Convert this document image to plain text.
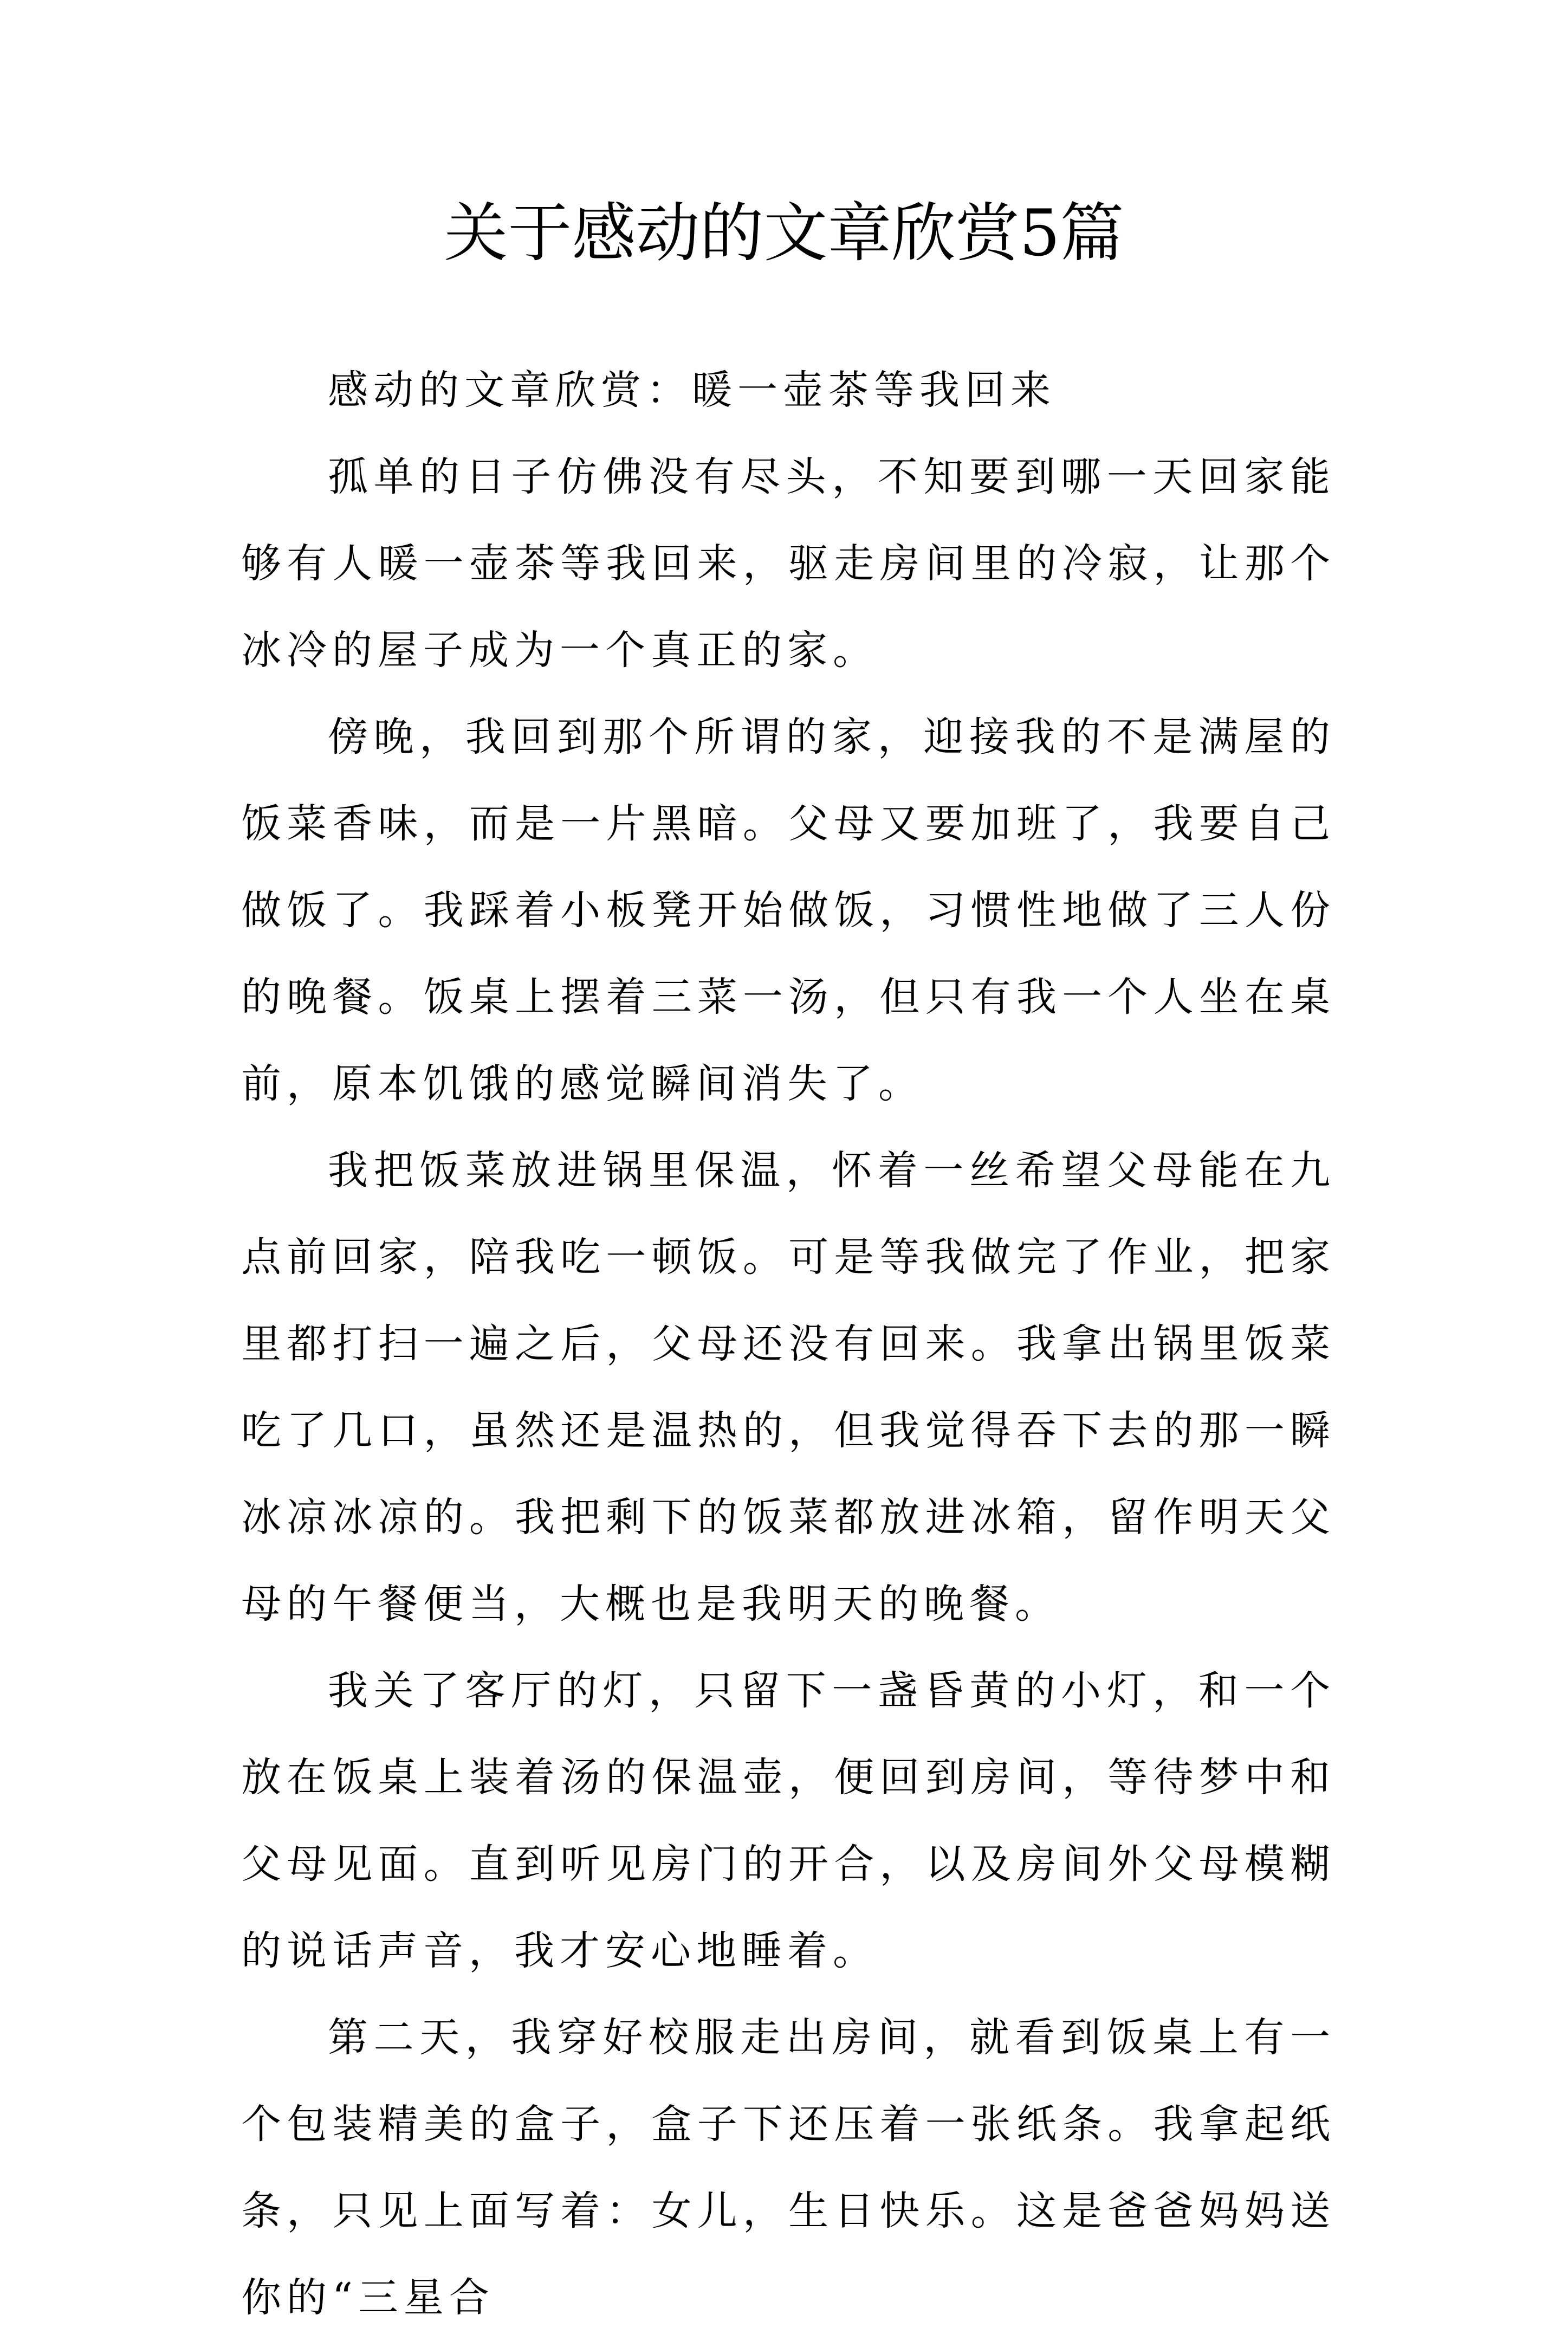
关于感动的文章欣赏5篇

感动的文章欣赏：暖一壶茶等我回来

孤单的日子仿佛没有尽头，不知要到哪一天回家能够有人暖一壶茶等我回来，驱走房间里的冷寂，让那个冰冷的屋子成为一个真正的家。

傍晚，我回到那个所谓的家，迎接我的不是满屋的饭菜香味，而是一片黑暗。父母又要加班了，我要自己做饭了。我踩着小板凳开始做饭，习惯性地做了三人份的晚餐。饭桌上摆着三菜一汤，但只有我一个人坐在桌前，原本饥饿的感觉瞬间消失了。

我把饭菜放进锅里保温，怀着一丝希望父母能在九点前回家，陪我吃一顿饭。可是等我做完了作业，把家里都打扫一遍之后，父母还没有回来。我拿出锅里饭菜吃了几口，虽然还是温热的，但我觉得吞下去的那一瞬冰凉冰凉的。我把剩下的饭菜都放进冰箱，留作明天父母的午餐便当，大概也是我明天的晚餐。

我关了客厅的灯，只留下一盏昏黄的小灯，和一个放在饭桌上装着汤的保温壶，便回到房间，等待梦中和父母见面。直到听见房门的开合，以及房间外父母模糊的说话声音，我才安心地睡着。

第二天，我穿好校服走出房间，就看到饭桌上有一个包装精美的盒子，盒子下还压着一张纸条。我拿起纸条，只见上面写着：女儿，生日快乐。这是爸爸妈妈送你的“三星合
